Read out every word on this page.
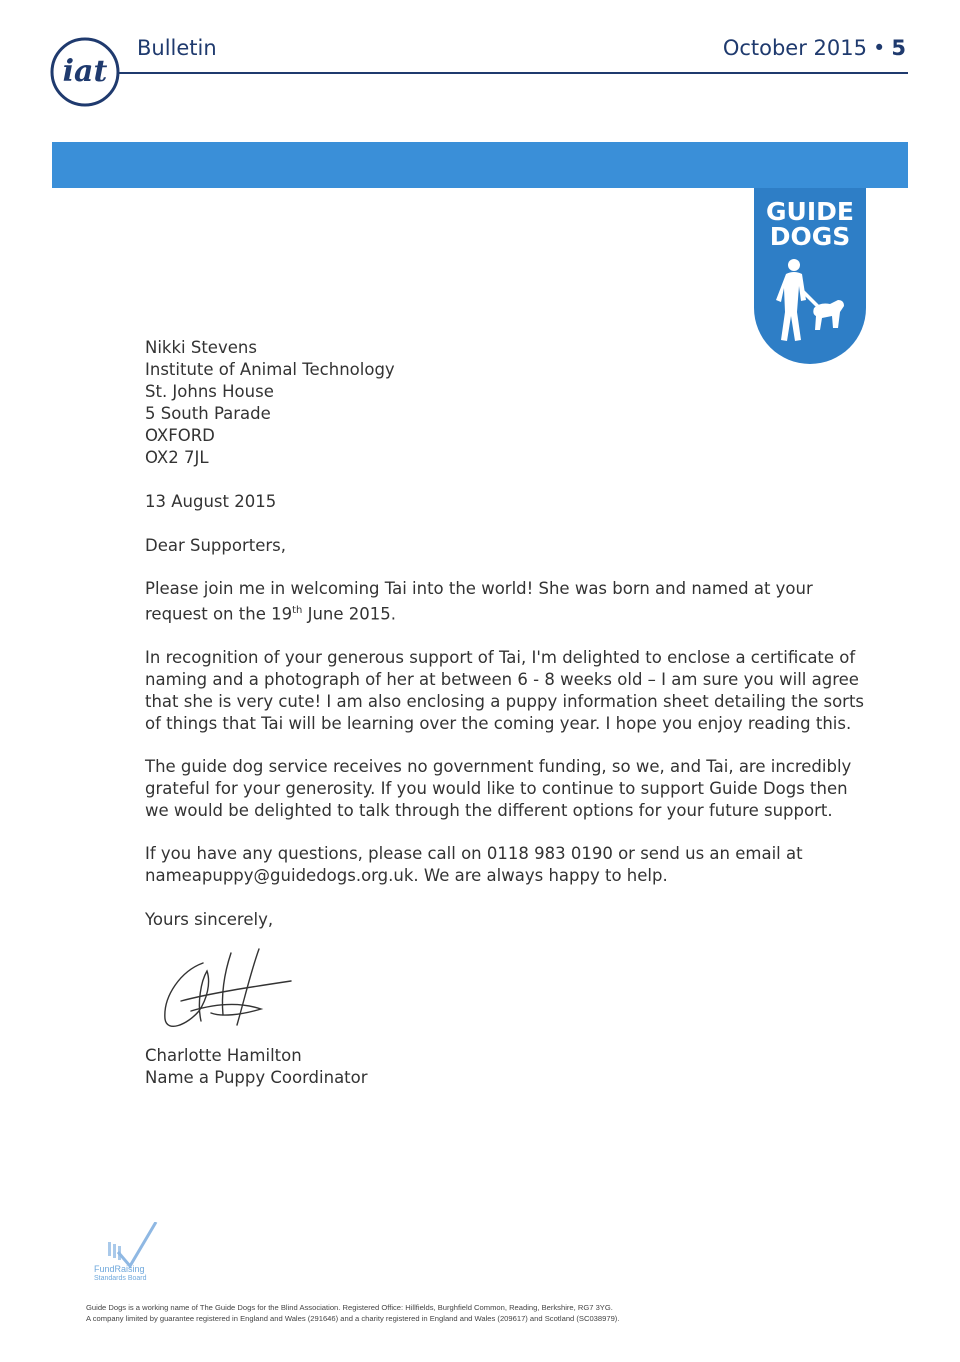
iat
Bulletin	October 2015 • 5
GUIDE
DOGS
Nikki Stevens
Institute of Animal Technology
St. Johns House
5 South Parade
OXFORD
OX2 7JL

13 August 2015

Dear Supporters,

Please join me in welcoming Tai into the world! She was born and named at your request on the 19th June 2015.

In recognition of your generous support of Tai, I'm delighted to enclose a certificate of naming and a photograph of her at between 6 - 8 weeks old – I am sure you will agree that she is very cute! I am also enclosing a puppy information sheet detailing the sorts of things that Tai will be learning over the coming year. I hope you enjoy reading this.

The guide dog service receives no government funding, so we, and Tai, are incredibly grateful for your generosity. If you would like to continue to support Guide Dogs then we would be delighted to talk through the different options for your future support.

If you have any questions, please call on 0118 983 0190 or send us an email at nameapuppy@guidedogs.org.uk. We are always happy to help.

Yours sincerely,

Charlotte Hamilton

Name a Puppy Coordinator

FundRaising
Standards Board
Guide Dogs is a working name of The Guide Dogs for the Blind Association. Registered Office: Hillfields, Burghfield Common, Reading, Berkshire, RG7 3YG.
A company limited by guarantee registered in England and Wales (291646) and a charity registered in England and Wales (209617) and Scotland (SC038979).
